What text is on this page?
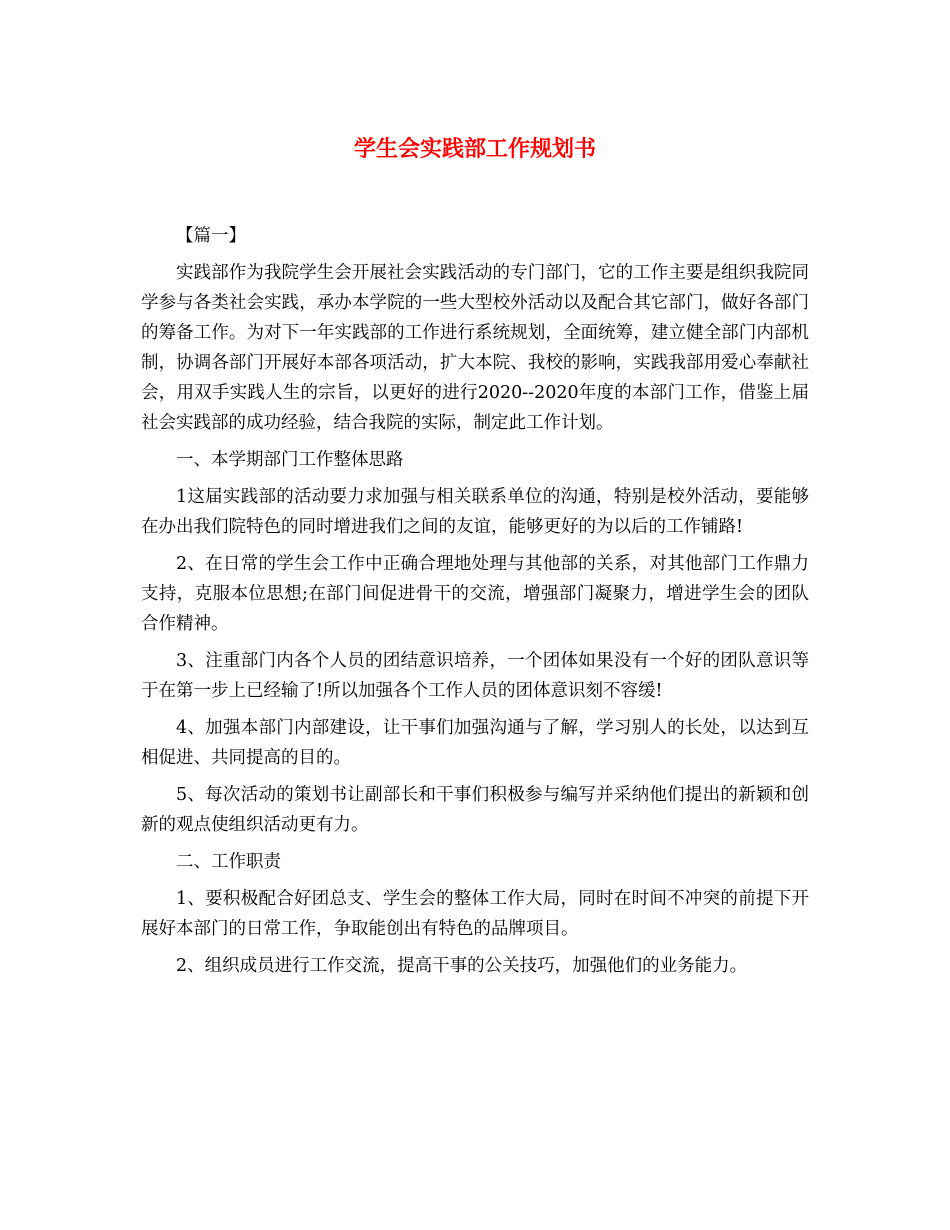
学生会实践部工作规划书

【篇一】

实践部作为我院学生会开展社会实践活动的专门部门，它的工作主要是组织我院同学参与各类社会实践，承办本学院的一些大型校外活动以及配合其它部门，做好各部门的筹备工作。为对下一年实践部的工作进行系统规划，全面统筹，建立健全部门内部机制，协调各部门开展好本部各项活动，扩大本院、我校的影响，实践我部用爱心奉献社会，用双手实践人生的宗旨，以更好的进行2020--2020年度的本部门工作，借鉴上届社会实践部的成功经验，结合我院的实际，制定此工作计划。

一、本学期部门工作整体思路

1这届实践部的活动要力求加强与相关联系单位的沟通，特别是校外活动，要能够在办出我们院特色的同时增进我们之间的友谊，能够更好的为以后的工作铺路!

2、在日常的学生会工作中正确合理地处理与其他部的关系，对其他部门工作鼎力支持，克服本位思想;在部门间促进骨干的交流，增强部门凝聚力，增进学生会的团队合作精神。

3、注重部门内各个人员的团结意识培养，一个团体如果没有一个好的团队意识等于在第一步上已经输了!所以加强各个工作人员的团体意识刻不容缓!

4、加强本部门内部建设，让干事们加强沟通与了解，学习别人的长处，以达到互相促进、共同提高的目的。

5、每次活动的策划书让副部长和干事们积极参与编写并采纳他们提出的新颖和创新的观点使组织活动更有力。

二、工作职责

1、要积极配合好团总支、学生会的整体工作大局，同时在时间不冲突的前提下开展好本部门的日常工作，争取能创出有特色的品牌项目。

2、组织成员进行工作交流，提高干事的公关技巧，加强他们的业务能力。
